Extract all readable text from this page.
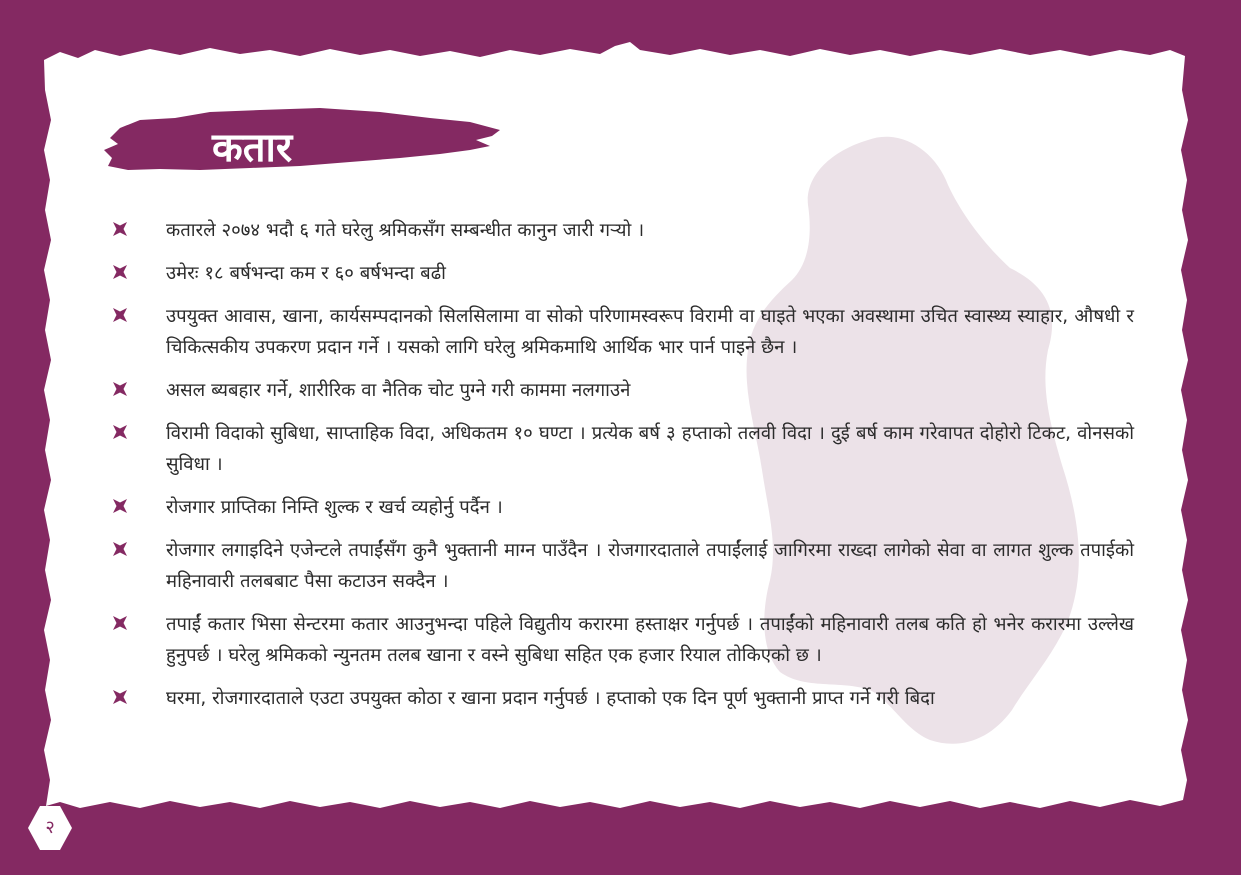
कतार
कतारले २०७४ भदौ ६ गते घरेलु श्रमिकसँग सम्बन्धीत कानुन जारी गऱ्यो ।
उमेरः १८ बर्षभन्दा कम र ६० बर्षभन्दा बढी
उपयुक्त आवास, खाना, कार्यसम्पदानको सिलसिलामा वा सोको परिणामस्वरूप विरामी वा घाइते भएका अवस्थामा उचित स्वास्थ्य स्याहार, औषधी र चिकित्सकीय उपकरण प्रदान गर्ने । यसको लागि घरेलु श्रमिकमाथि आर्थिक भार पार्न पाइने छैन ।
असल ब्यबहार गर्ने, शारीरिक वा नैतिक चोट पुग्ने गरी काममा नलगाउने
विरामी विदाको सुबिधा, साप्ताहिक विदा, अधिकतम १० घण्टा । प्रत्येक बर्ष ३ हप्ताको तलवी विदा । दुई बर्ष काम गरेवापत दोहोरो टिकट, वोनसको सुविधा ।
रोजगार प्राप्तिका निम्ति शुल्क र खर्च व्यहोर्नु पर्दैन ।
रोजगार लगाइदिने एजेन्टले तपाईंसँग कुनै भुक्तानी माग्न पाउँदैन । रोजगारदाताले तपाईंलाई जागिरमा राख्दा लागेको सेवा वा लागत शुल्क तपाईको महिनावारी तलबबाट पैसा कटाउन सक्दैन ।
तपाईं कतार भिसा सेन्टरमा कतार आउनुभन्दा पहिले विद्युतीय करारमा हस्ताक्षर गर्नुपर्छ । तपाईंको महिनावारी तलब कति हो भनेर करारमा उल्लेख हुनुपर्छ । घरेलु श्रमिकको न्युनतम तलब खाना र वस्ने सुबिधा सहित एक हजार रियाल तोकिएको छ ।
घरमा, रोजगारदाताले एउटा उपयुक्त कोठा र खाना प्रदान गर्नुपर्छ । हप्ताको एक दिन पूर्ण भुक्तानी प्राप्त गर्ने गरी बिदा
२
